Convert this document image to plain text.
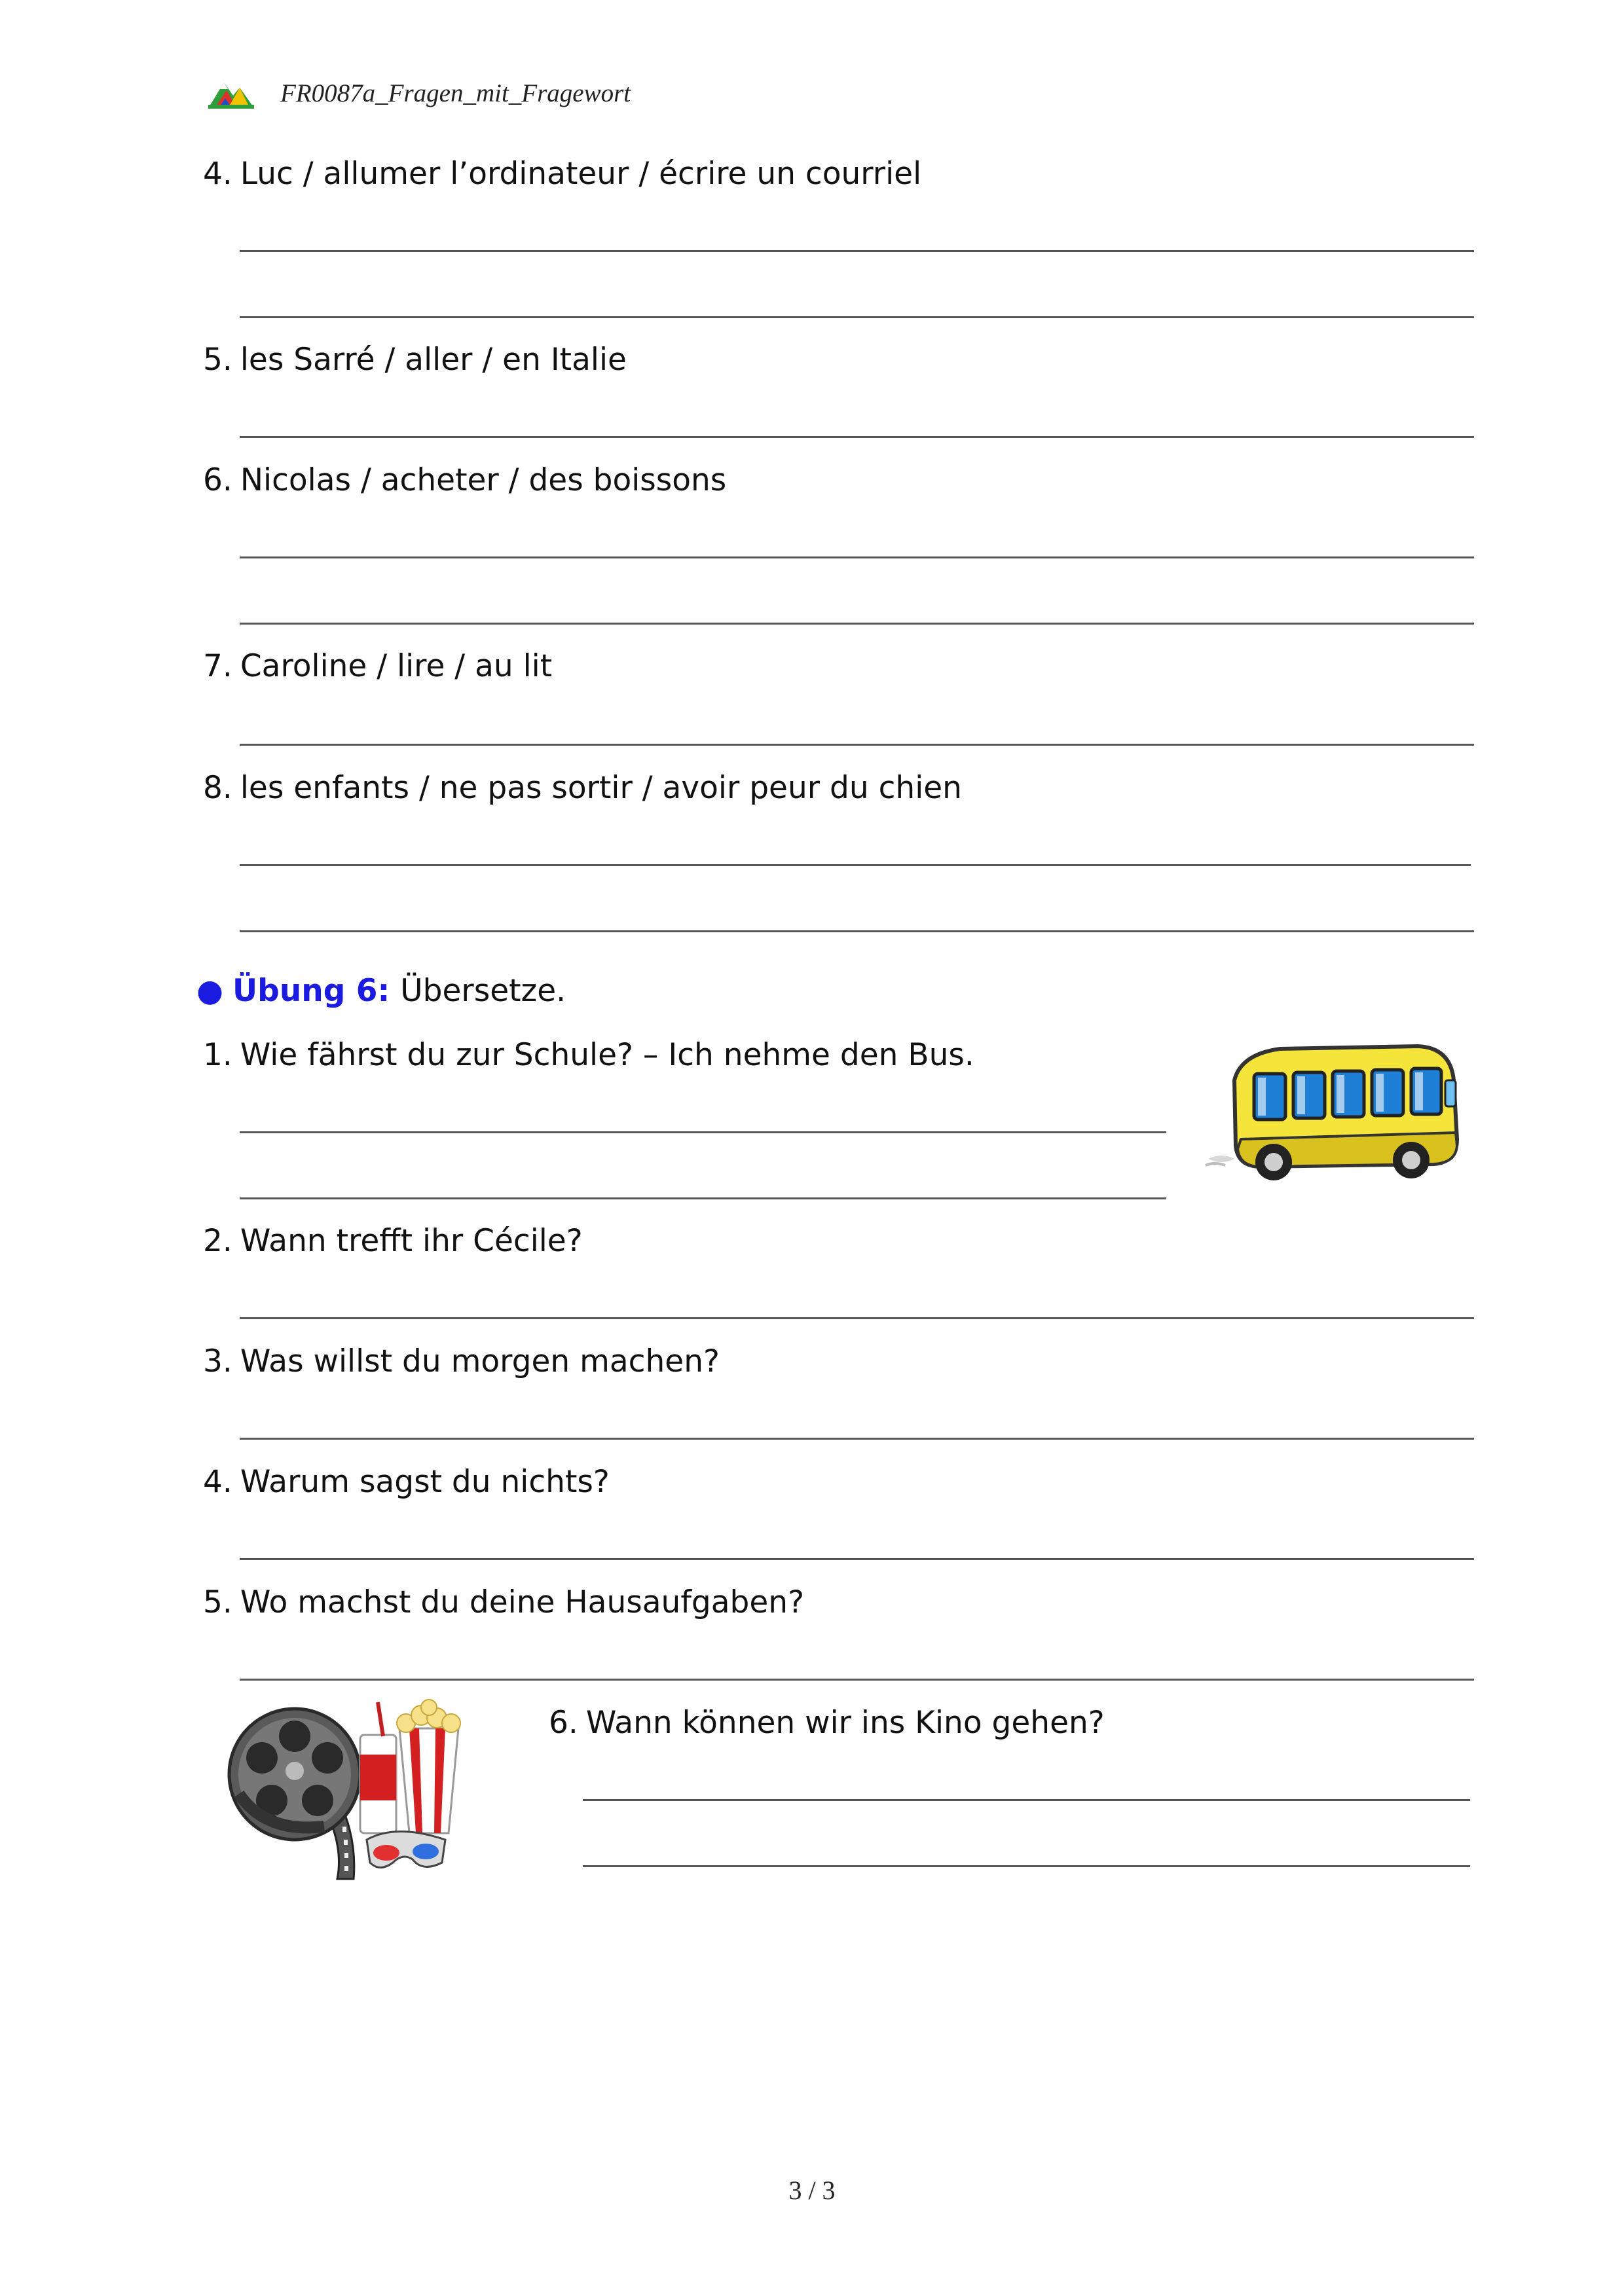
FR0087a_Fragen_mit_Fragewort
4. Luc / allumer l’ordinateur / écrire un courriel
5. les Sarré / aller / en Italie
6. Nicolas / acheter / des boissons
7. Caroline / lire / au lit
8. les enfants / ne pas sortir / avoir peur du chien
● Übung 6: Übersetze.
1. Wie fährst du zur Schule? – Ich nehme den Bus.
2. Wann trefft ihr Cécile?
3. Was willst du morgen machen?
4. Warum sagst du nichts?
5. Wo machst du deine Hausaufgaben?
6. Wann können wir ins Kino gehen?
3 / 3
